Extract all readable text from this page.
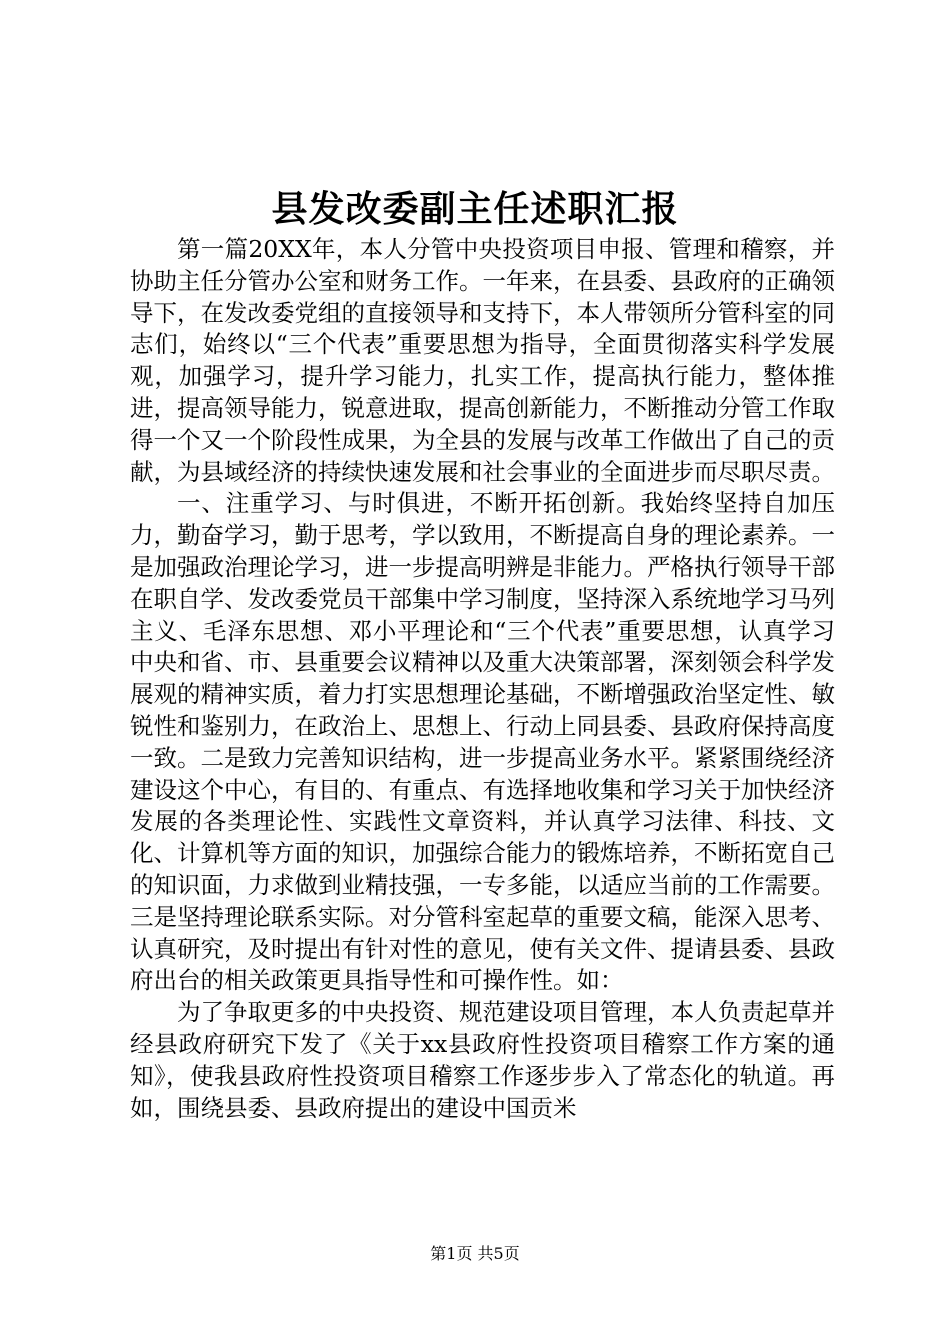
县发改委副主任述职汇报

第一篇20XX年，本人分管中央投资项目申报、管理和稽察，并协助主任分管办公室和财务工作。一年来，在县委、县政府的正确领导下，在发改委党组的直接领导和支持下，本人带领所分管科室的同志们，始终以“三个代表”重要思想为指导，全面贯彻落实科学发展观，加强学习，提升学习能力，扎实工作，提高执行能力，整体推进，提高领导能力，锐意进取，提高创新能力，不断推动分管工作取得一个又一个阶段性成果，为全县的发展与改革工作做出了自己的贡献，为县域经济的持续快速发展和社会事业的全面进步而尽职尽责。

一、注重学习、与时俱进，不断开拓创新。我始终坚持自加压力，勤奋学习，勤于思考，学以致用，不断提高自身的理论素养。一是加强政治理论学习，进一步提高明辨是非能力。严格执行领导干部在职自学、发改委党员干部集中学习制度，坚持深入系统地学习马列主义、毛泽东思想、邓小平理论和“三个代表”重要思想，认真学习中央和省、市、县重要会议精神以及重大决策部署，深刻领会科学发展观的精神实质，着力打实思想理论基础，不断增强政治坚定性、敏锐性和鉴别力，在政治上、思想上、行动上同县委、县政府保持高度一致。二是致力完善知识结构，进一步提高业务水平。紧紧围绕经济建设这个中心，有目的、有重点、有选择地收集和学习关于加快经济发展的各类理论性、实践性文章资料，并认真学习法律、科技、文化、计算机等方面的知识，加强综合能力的锻炼培养，不断拓宽自己的知识面，力求做到业精技强，一专多能，以适应当前的工作需要。三是坚持理论联系实际。对分管科室起草的重要文稿，能深入思考、认真研究，及时提出有针对性的意见，使有关文件、提请县委、县政府出台的相关政策更具指导性和可操作性。如：

为了争取更多的中央投资、规范建设项目管理，本人负责起草并经县政府研究下发了《关于xx县政府性投资项目稽察工作方案的通知》，使我县政府性投资项目稽察工作逐步步入了常态化的轨道。再如，围绕县委、县政府提出的建设中国贡米

第1页 共5页
